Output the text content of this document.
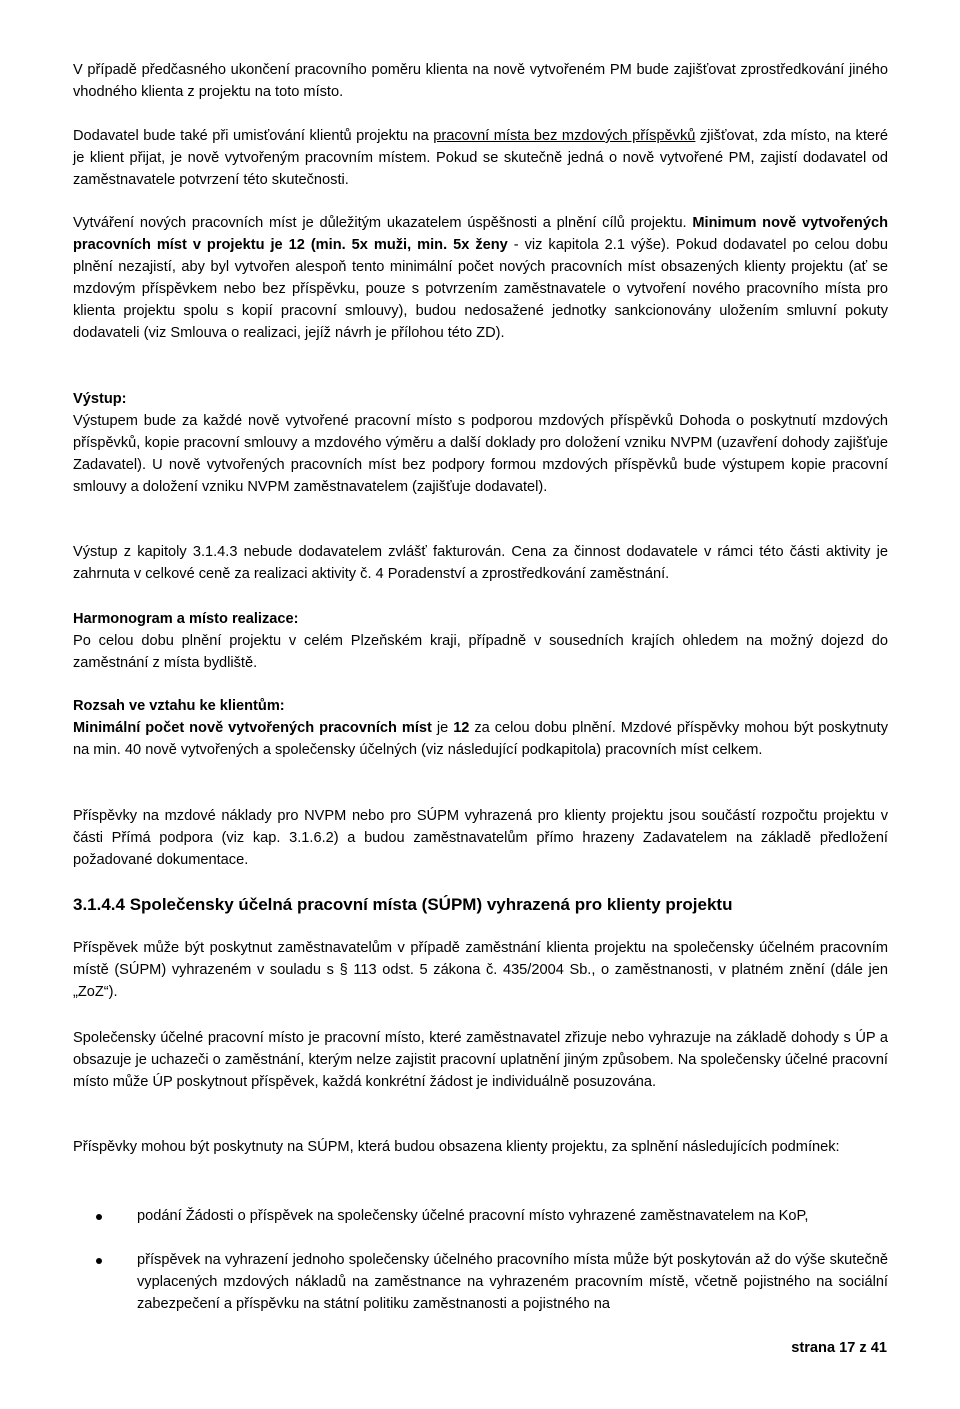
V případě předčasného ukončení pracovního poměru klienta na nově vytvořeném PM bude zajišťovat zprostředkování jiného vhodného klienta z projektu na toto místo.

Dodavatel bude také při umisťování klientů projektu na pracovní místa bez mzdových příspěvků zjišťovat, zda místo, na které je klient přijat, je nově vytvořeným pracovním místem. Pokud se skutečně jedná o nově vytvořené PM, zajistí dodavatel od zaměstnavatele potvrzení této skutečnosti.

Vytváření nových pracovních míst je důležitým ukazatelem úspěšnosti a plnění cílů projektu. Minimum nově vytvořených pracovních míst v projektu je 12 (min. 5x muži, min. 5x ženy - viz kapitola 2.1 výše). Pokud dodavatel po celou dobu plnění nezajistí, aby byl vytvořen alespoň tento minimální počet nových pracovních míst obsazených klienty projektu (ať se mzdovým příspěvkem nebo bez příspěvku, pouze s potvrzením zaměstnavatele o vytvoření nového pracovního místa pro klienta projektu spolu s kopií pracovní smlouvy), budou nedosažené jednotky sankcionovány uložením smluvní pokuty dodavateli (viz Smlouva o realizaci, jejíž návrh je přílohou této ZD).

Výstup:

Výstupem bude za každé nově vytvořené pracovní místo s podporou mzdových příspěvků Dohoda o poskytnutí mzdových příspěvků, kopie pracovní smlouvy a mzdového výměru a další doklady pro doložení vzniku NVPM (uzavření dohody zajišťuje Zadavatel). U nově vytvořených pracovních míst bez podpory formou mzdových příspěvků bude výstupem kopie pracovní smlouvy a doložení vzniku NVPM zaměstnavatelem (zajišťuje dodavatel).

Výstup z kapitoly 3.1.4.3 nebude dodavatelem zvlášť fakturován. Cena za činnost dodavatele v rámci této části aktivity je zahrnuta v celkové ceně za realizaci aktivity č. 4 Poradenství a zprostředkování zaměstnání.

Harmonogram a místo realizace:

Po celou dobu plnění projektu v celém Plzeňském kraji, případně v sousedních krajích ohledem na možný dojezd do zaměstnání z místa bydliště.

Rozsah ve vztahu ke klientům:

Minimální počet nově vytvořených pracovních míst je 12 za celou dobu plnění. Mzdové příspěvky mohou být poskytnuty na min. 40 nově vytvořených a společensky účelných (viz následující podkapitola) pracovních míst celkem.

Příspěvky na mzdové náklady pro NVPM nebo pro SÚPM vyhrazená pro klienty projektu jsou součástí rozpočtu projektu v části Přímá podpora (viz kap. 3.1.6.2) a budou zaměstnavatelům přímo hrazeny Zadavatelem na základě předložení požadované dokumentace.

3.1.4.4 Společensky účelná pracovní místa (SÚPM) vyhrazená pro klienty projektu

Příspěvek může být poskytnut zaměstnavatelům v případě zaměstnání klienta projektu na společensky účelném pracovním místě (SÚPM) vyhrazeném v souladu s § 113 odst. 5 zákona č. 435/2004 Sb., o zaměstnanosti, v platném znění (dále jen „ZoZ“).

Společensky účelné pracovní místo je pracovní místo, které zaměstnavatel zřizuje nebo vyhrazuje na základě dohody s ÚP a obsazuje je uchazeči o zaměstnání, kterým nelze zajistit pracovní uplatnění jiným způsobem. Na společensky účelné pracovní místo může ÚP poskytnout příspěvek, každá konkrétní žádost je individuálně posuzována.

Příspěvky mohou být poskytnuty na SÚPM, která budou obsazena klienty projektu, za splnění následujících podmínek:

podání Žádosti o příspěvek na společensky účelné pracovní místo vyhrazené zaměstnavatelem na KoP,
příspěvek na vyhrazení jednoho společensky účelného pracovního místa může být poskytován až do výše skutečně vyplacených mzdových nákladů na zaměstnance na vyhrazeném pracovním místě, včetně pojistného na sociální zabezpečení a příspěvku na státní politiku zaměstnanosti a pojistného na
strana 17 z 41
